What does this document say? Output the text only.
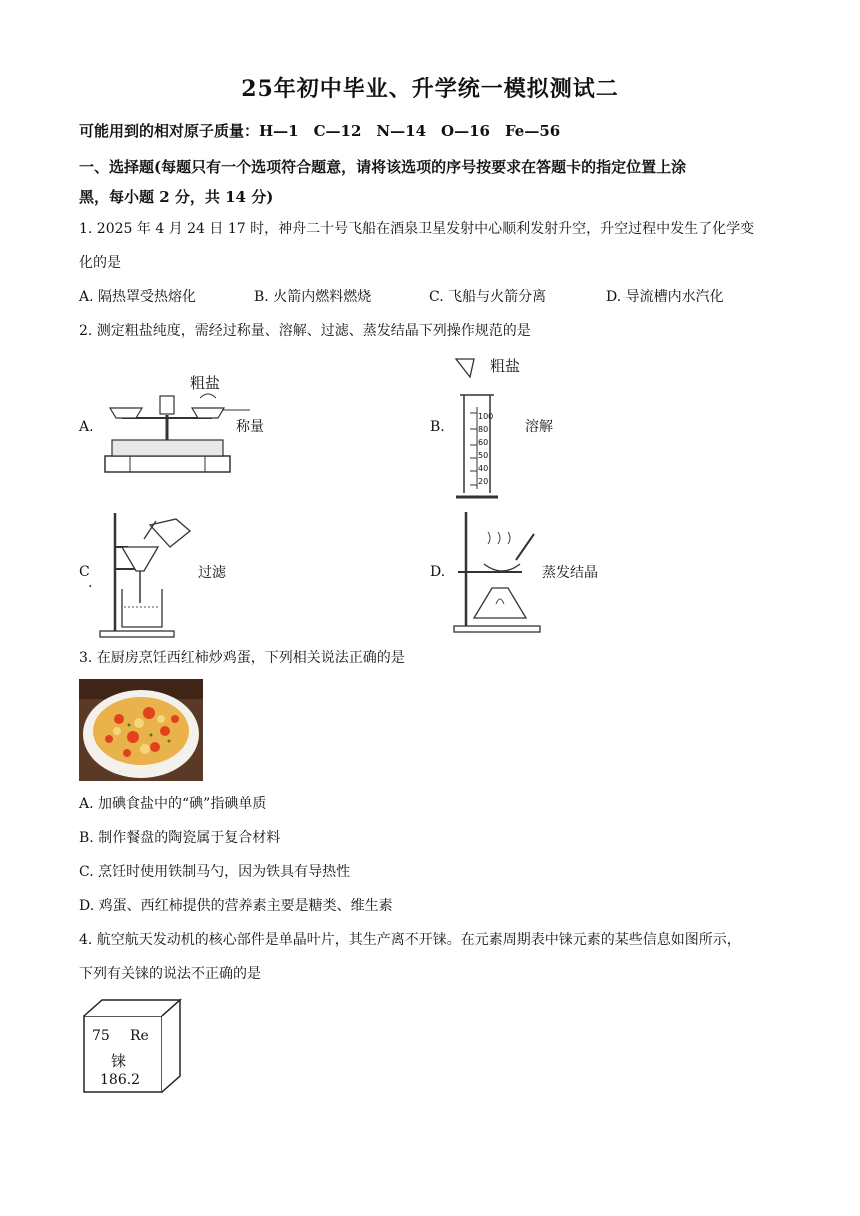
25年初中毕业、升学统一模拟测试二
可能用到的相对原子质量：H—1　C—12　N—14　O—16　Fe—56
一、选择题(每题只有一个选项符合题意，请将该选项的序号按要求在答题卡的指定位置上涂
黑，每小题 2 分，共 14 分)
1. 2025 年 4 月 24 日 17 时，神舟二十号飞船在酒泉卫星发射中心顺利发射升空，升空过程中发生了化学变
化的是
A. 隔热罩受热熔化	B. 火箭内燃料燃烧	C. 飞船与火箭分离	D. 导流槽内水汽化
2. 测定粗盐纯度，需经过称量、溶解、过滤、蒸发结晶下列操作规范的是
A.
粗盐
称量	B.
粗盐
100
80
60
50
40
20
溶解
C
.
过滤	D.	蒸发结晶
3. 在厨房烹饪西红柿炒鸡蛋，下列相关说法正确的是
A. 加碘食盐中的“碘”指碘单质
B. 制作餐盘的陶瓷属于复合材料
C. 烹饪时使用铁制马勺，因为铁具有导热性
D. 鸡蛋、西红柿提供的营养素主要是糖类、维生素
4. 航空航天发动机的核心部件是单晶叶片，其生产离不开铼。在元素周期表中铼元素的某些信息如图所示，
下列有关铼的说法不正确的是
75 Re
铼
186.2
